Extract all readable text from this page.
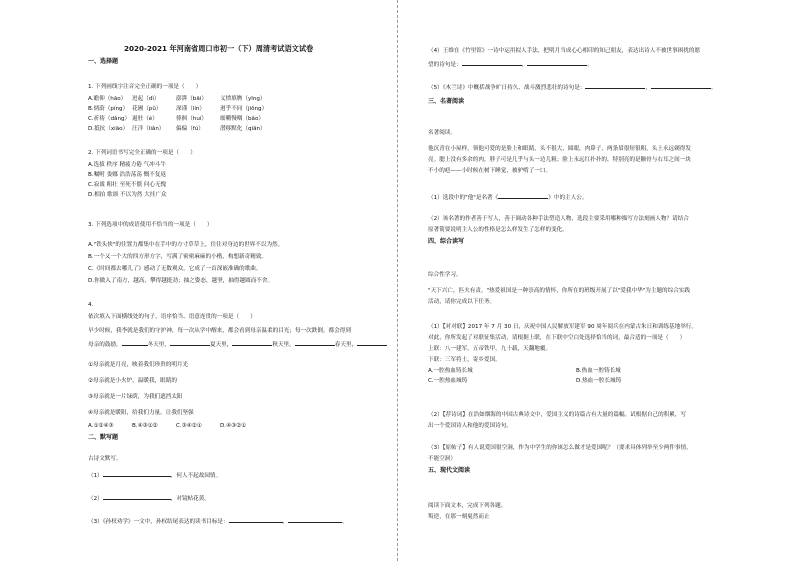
2020-2021 年河南省周口市初一（下）周清考试语文试卷
一、选择题
1. 下列画线字注音完全正确的一项是（　　）
A.瞻仰（hāo） 迸起（dì）	澎湃（bāi） 义愤填膺（yīng）
B.炳蔚（píng） 花圃（pǔ）	深谨（lín）	迥乎不同（jiōng）
C.祈祷（dǎng） 遏驻（è）	徘徊（huí） 细嚼慢咽（bǎo）
D.抵抗（xiāo） 汪洋（liǎn） 偏偏（fú）	潜移默化（qiǎn）
2. 下列词语书写完全正确的一项是（　　）
A.选拔 秩序 精疲力倦 气冲斗牛
B.嘱咐 娄娜 浩浩荡荡 慨不复返
C.寂谧 粗壮 至死不僵 问心无愧
D.相拍 歌颂 不以为然 大挂广众
3. 下列选项中的成语使用不恰当的一项是（　　）
A."铁头侠"的往置力都集中在手中的方寸草草上，往往对身边的世界不以为然。
B.一个又一个大的四方形方字，写满了密密麻麻的小楷，构想新奇精致。
C.《时间都去哪儿了》感动了无数观众，它成了一首深嵌准确的歌曲。
D.你做入了南方，越高，攀得越挺劲；抽之姿态，越坚，抽得越圆而不舍。
4.
依次填入下面横线处的句子，语序恰当、语意连贯的一项是（　　）
早少时候，我李就是我们的守护神，每一次从学中醒来，都会看到母亲温柔的目光；每一次跌倒，都会得到
母亲的鼓励，	冬天里，	夏天里，	秋天里，	春天里，
①母亲就是月亮，映着我们珍贵的明月光
②母亲就是小火炉，温暖我，眼睛的
③母亲就是一片绿荫，为我们遮挡太阳
④母亲就是暖阳，给我们力量，让我们坚强
A.①②④③	B.④③①②	C.③④②①	D.④③②①
二、默写题
古诗文默写。
（1）	，何人不起故园情。
（2）	，对镜帖花黄。
（3）《孙权劝学》一文中，孙权结尾表达的读书目标是：	，	。
（4）王维在《竹里馆》一诗中运用拟人手法，把明月当成心心相印的知己朋友，表达出诗人不被世事困扰的愿
望的诗句是：	，	。
（5）《木兰诗》中概括战争旷日持久、战斗激烈悲壮的诗句是：	，	。
三、名著阅读
名著阅读。
他沉青在小屋样，领他可爱的是脸上和眼睛，头不很大，圆眼，肉鼻子，两条眉很短很粗，头上永远剃得发
亮。腮上没有多余的肉，脖子可是几乎与头一边儿粗；脸上永远红扑扑的，特别亮的是颧骨与右耳之间一块
不小的疤——小时候在树下睡觉，被驴啃了一口。
（1）选段中的"他"是名著《	》中的主人公。
（2）该名著的作者善于写人，善于调动各种手法塑造人物，选段主要采用哪种描写方法刻画人物？请结合
原著简要说明主人公的性格是怎么样发生了怎样的变化。
四、综合读写
综合性学习。
"天下兴亡，匹夫有责。"热爱祖国是一种崇高的情怀，你所在的班级开展了以"爱我中华"为主题的综合实践
活动，请你完成以下任务。
（1）【对对联】2017 年 7 月 30 日，庆祝中国人民解放军建军 90 周年阅兵在内蒙古朱日和训练基地举行。
对此，你所发起了对联征集活动，请根据上联，在下联中空白处选择恰当的词，最合适的一项是（　　）
上联：八一建军，五帝铁甲，九十载，天翻地覆。
下联：三军将士，寄乡爱国。
A.一腔热血铸长城	B.热血一腔铸长城
C.一腔热血城铸	D.热血一腔长城铸
（2）【荐诗词】在浩如烟海的中国古典诗文中，爱国主义的诗篇占有大量的篇幅。试根据自己的积累，写
出一个爱国诗人和他的爱国诗句。
（3）【原帖子】有人说爱国很空洞，作为中学生的你该怎么做才是爱国呢？（要求具体列举至少两件事情，
不能空洞）
五、现代文阅读
阅读下面文本，完成下列各题。
叛逆，在那一刻戛然而止
